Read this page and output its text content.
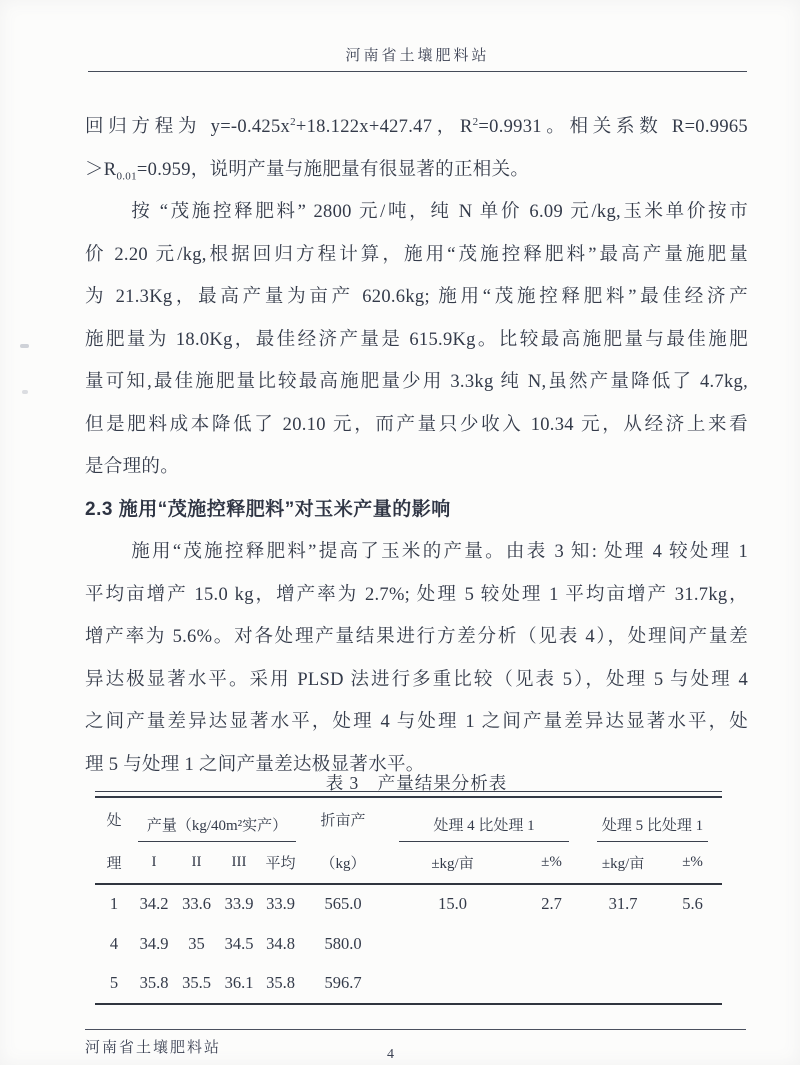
河南省土壤肥料站
回归方程为 $y=-0.425x^2+18.122x+427.47$，$R^2=0.9931$。相关系数 R=0.9965
$>R_{0.01}=0.959$，说明产量与施肥量有很显著的正相关。
按 “茂施控释肥料” 2800 元/吨，纯 N 单价 6.09 元/kg,玉米单价按市
价 2.20 元/kg,根据回归方程计算，施用“茂施控释肥料”最高产量施肥量
为 21.3Kg，最高产量为亩产 620.6kg; 施用“茂施控释肥料”最佳经济产
施肥量为 18.0Kg，最佳经济产量是 615.9Kg。比较最高施肥量与最佳施肥
量可知,最佳施肥量比较最高施肥量少用 3.3kg 纯 N,虽然产量降低了 4.7kg,
但是肥料成本降低了 20.10 元，而产量只少收入 10.34 元，从经济上来看
是合理的。
2.3 施用“茂施控释肥料”对玉米产量的影响
施用“茂施控释肥料”提高了玉米的产量。由表 3 知: 处理 4 较处理 1
平均亩增产 15.0 kg，增产率为 2.7%; 处理 5 较处理 1 平均亩增产 31.7kg，
增产率为 5.6%。对各处理产量结果进行方差分析（见表 4），处理间产量差
异达极显著水平。采用 PLSD 法进行多重比较（见表 5），处理 5 与处理 4
之间产量差异达显著水平，处理 4 与处理 1 之间产量差异达显著水平，处
理 5 与处理 1 之间产量差达极显著水平。
表 3　产量结果分析表
处	产量（kg/40m²实产）				折亩产	处理 4 比处理 1		处理 5 比处理 1	

理	I	II	III	平均	（kg）	±kg/亩	±%	±kg/亩	±%
1	34.2	33.6	33.9	33.9	565.0	15.0	2.7	31.7	5.6
4	34.9	35	34.5	34.8	580.0				
5	35.8	35.5	36.1	35.8	596.7				
河南省土壤肥料站	4
